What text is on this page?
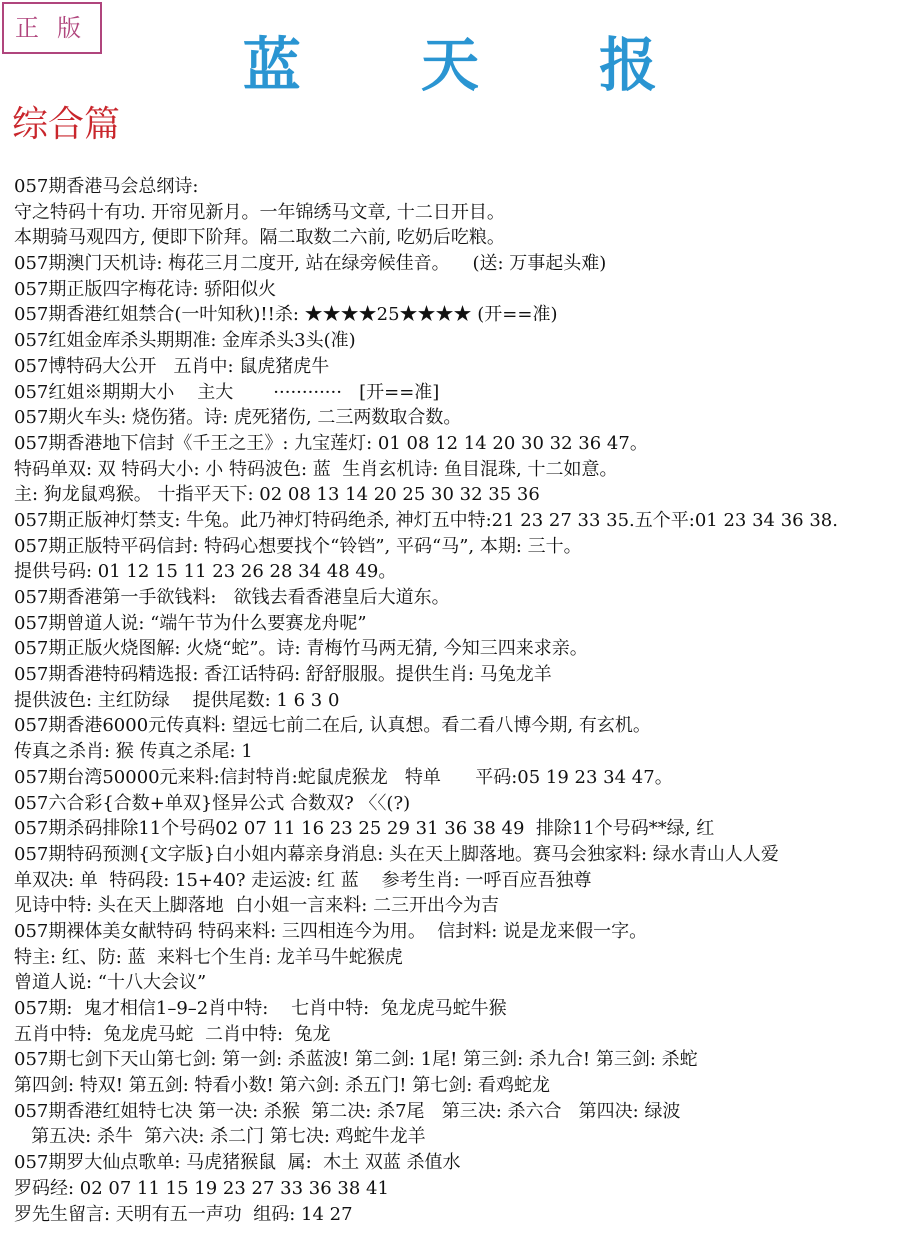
正版
蓝 天 报
综合篇
057期香港马会总纲诗:
守之特码十有功. 开帘见新月。一年锦绣马文章, 十二日开目。
本期骑马观四方, 便即下阶拜。隔二取数二六前, 吃奶后吃粮。
057期澳门天机诗: 梅花三月二度开, 站在绿旁候佳音。    (送: 万事起头难)
057期正版四字梅花诗: 骄阳似火
057期香港红姐禁合(一叶知秋)!!杀: ★★★★25★★★★ (开==准)
057红姐金库杀头期期准: 金库杀头3头(准)
057博特码大公开   五肖中: 鼠虎猪虎牛
057红姐※期期大小    主大       ············   [开==准]
057期火车头: 烧伤猪。诗: 虎死猪伤, 二三两数取合数。
057期香港地下信封《千王之王》: 九宝莲灯: 01 08 12 14 20 30 32 36 47。
特码单双: 双 特码大小: 小 特码波色: 蓝  生肖玄机诗: 鱼目混珠, 十二如意。
主: 狗龙鼠鸡猴。 十指平天下: 02 08 13 14 20 25 30 32 35 36
057期正版神灯禁支: 牛兔。此乃神灯特码绝杀, 神灯五中特:21 23 27 33 35.五个平:01 23 34 36 38.
057期正版特平码信封: 特码心想要找个“铃铛”, 平码“马”, 本期: 三十。
提供号码: 01 12 15 11 23 26 28 34 48 49。
057期香港第一手欲钱料:   欲钱去看香港皇后大道东。
057期曾道人说: “端午节为什么要赛龙舟呢”
057期正版火烧图解: 火烧“蛇”。诗: 青梅竹马两无猜, 今知三四来求亲。
057期香港特码精选报: 香江话特码: 舒舒服服。提供生肖: 马兔龙羊
提供波色: 主红防绿    提供尾数: 1 6 3 0
057期香港6000元传真料: 望远七前二在后, 认真想。看二看八博今期, 有玄机。
传真之杀肖: 猴 传真之杀尾: 1
057期台湾50000元来料:信封特肖:蛇鼠虎猴龙   特单      平码:05 19 23 34 47。
057六合彩{合数+单双}怪异公式 合数双? 〈〈(?)
057期杀码排除11个号码02 07 11 16 23 25 29 31 36 38 49  排除11个号码**绿, 红
057期特码预测{文字版}白小姐内幕亲身消息: 头在天上脚落地。赛马会独家料: 绿水青山人人爱
单双决: 单  特码段: 15+40? 走运波: 红 蓝    参考生肖: 一呼百应吾独尊
见诗中特: 头在天上脚落地  白小姐一言来料: 二三开出今为吉
057期裸体美女献特码 特码来料: 三四相连今为用。  信封料: 说是龙来假一字。
特主: 红、防: 蓝  来料七个生肖: 龙羊马牛蛇猴虎
曾道人说: “十八大会议”
057期:  鬼才相信1–9–2肖中特:    七肖中特:  兔龙虎马蛇牛猴
五肖中特:  兔龙虎马蛇  二肖中特:  兔龙
057期七剑下天山第七剑: 第一剑: 杀蓝波! 第二剑: 1尾! 第三剑: 杀九合! 第三剑: 杀蛇
第四剑: 特双! 第五剑: 特看小数! 第六剑: 杀五门! 第七剑: 看鸡蛇龙
057期香港红姐特七决 第一决: 杀猴  第二决: 杀7尾   第三决: 杀六合   第四决: 绿波
第五决: 杀牛  第六决: 杀二门 第七决: 鸡蛇牛龙羊
057期罗大仙点歌单: 马虎猪猴鼠  属:  木土 双蓝 杀值水
罗码经: 02 07 11 15 19 23 27 33 36 38 41
罗先生留言: 天明有五一声功  组码: 14 27
